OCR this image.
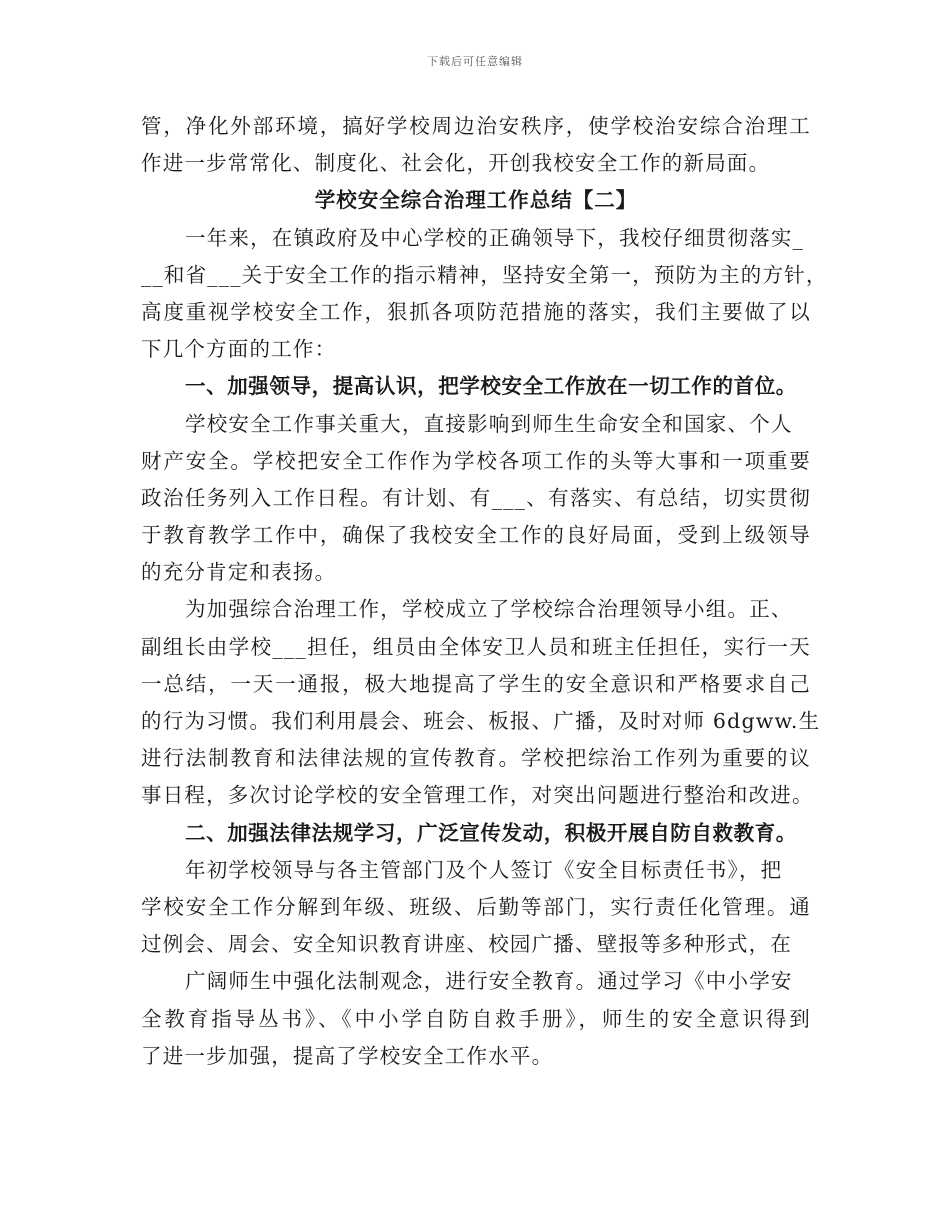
下载后可任意编辑
管，净化外部环境，搞好学校周边治安秩序，使学校治安综合治理工
作进一步常常化、制度化、社会化，开创我校安全工作的新局面。
学校安全综合治理工作总结【二】
一年来，在镇政府及中心学校的正确领导下，我校仔细贯彻落实_
__和省___关于安全工作的指示精神，坚持安全第一，预防为主的方针，
高度重视学校安全工作，狠抓各项防范措施的落实，我们主要做了以
下几个方面的工作：
一、加强领导，提高认识，把学校安全工作放在一切工作的首位。
学校安全工作事关重大，直接影响到师生生命安全和国家、个人
财产安全。学校把安全工作作为学校各项工作的头等大事和一项重要
政治任务列入工作日程。有计划、有___、有落实、有总结，切实贯彻
于教育教学工作中，确保了我校安全工作的良好局面，受到上级领导
的充分肯定和表扬。
为加强综合治理工作，学校成立了学校综合治理领导小组。正、
副组长由学校___担任，组员由全体安卫人员和班主任担任，实行一天
一总结，一天一通报，极大地提高了学生的安全意识和严格要求自己
的行为习惯。我们利用晨会、班会、板报、广播，及时对师 6dgww.生
进行法制教育和法律法规的宣传教育。学校把综治工作列为重要的议
事日程，多次讨论学校的安全管理工作，对突出问题进行整治和改进。
二、加强法律法规学习，广泛宣传发动，积极开展自防自救教育。
年初学校领导与各主管部门及个人签订《安全目标责任书》，把
学校安全工作分解到年级、班级、后勤等部门，实行责任化管理。通
过例会、周会、安全知识教育讲座、校园广播、壁报等多种形式，在
广阔师生中强化法制观念，进行安全教育。通过学习《中小学安
全教育指导丛书》、《中小学自防自救手册》，师生的安全意识得到
了进一步加强，提高了学校安全工作水平。
